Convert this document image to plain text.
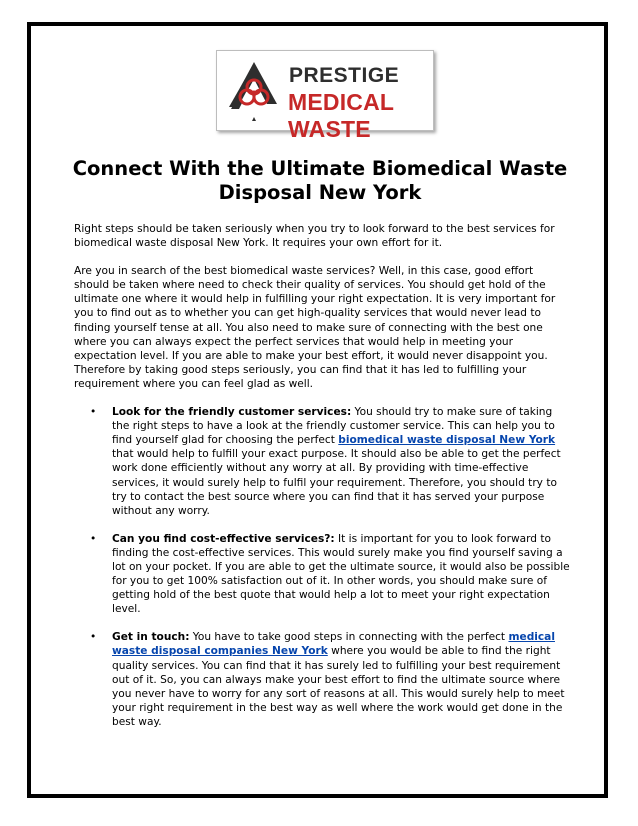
PRESTIGE
MEDICAL WASTE
Connect With the Ultimate Biomedical Waste Disposal New York

Right steps should be taken seriously when you try to look forward to the best services for biomedical waste disposal New York. It requires your own effort for it.

Are you in search of the best biomedical waste services? Well, in this case, good effort should be taken where need to check their quality of services. You should get hold of the ultimate one where it would help in fulfilling your right expectation. It is very important for you to find out as to whether you can get high-quality services that would never lead to finding yourself tense at all. You also need to make sure of connecting with the best one where you can always expect the perfect services that would help in meeting your expectation level. If you are able to make your best effort, it would never disappoint you. Therefore by taking good steps seriously, you can find that it has led to fulfilling your requirement where you can feel glad as well.

• Look for the friendly customer services: You should try to make sure of taking the right steps to have a look at the friendly customer service. This can help you to find yourself glad for choosing the perfect biomedical waste disposal New York that would help to fulfill your exact purpose. It should also be able to get the perfect work done efficiently without any worry at all. By providing with time-effective services, it would surely help to fulfil your requirement. Therefore, you should try to try to contact the best source where you can find that it has served your purpose without any worry.
• Can you find cost-effective services?: It is important for you to look forward to finding the cost-effective services. This would surely make you find yourself saving a lot on your pocket. If you are able to get the ultimate source, it would also be possible for you to get 100% satisfaction out of it. In other words, you should make sure of getting hold of the best quote that would help a lot to meet your right expectation level.
• Get in touch: You have to take good steps in connecting with the perfect medical waste disposal companies New York where you would be able to find the right quality services. You can find that it has surely led to fulfilling your best requirement out of it. So, you can always make your best effort to find the ultimate source where you never have to worry for any sort of reasons at all. This would surely help to meet your right requirement in the best way as well where the work would get done in the best way.
